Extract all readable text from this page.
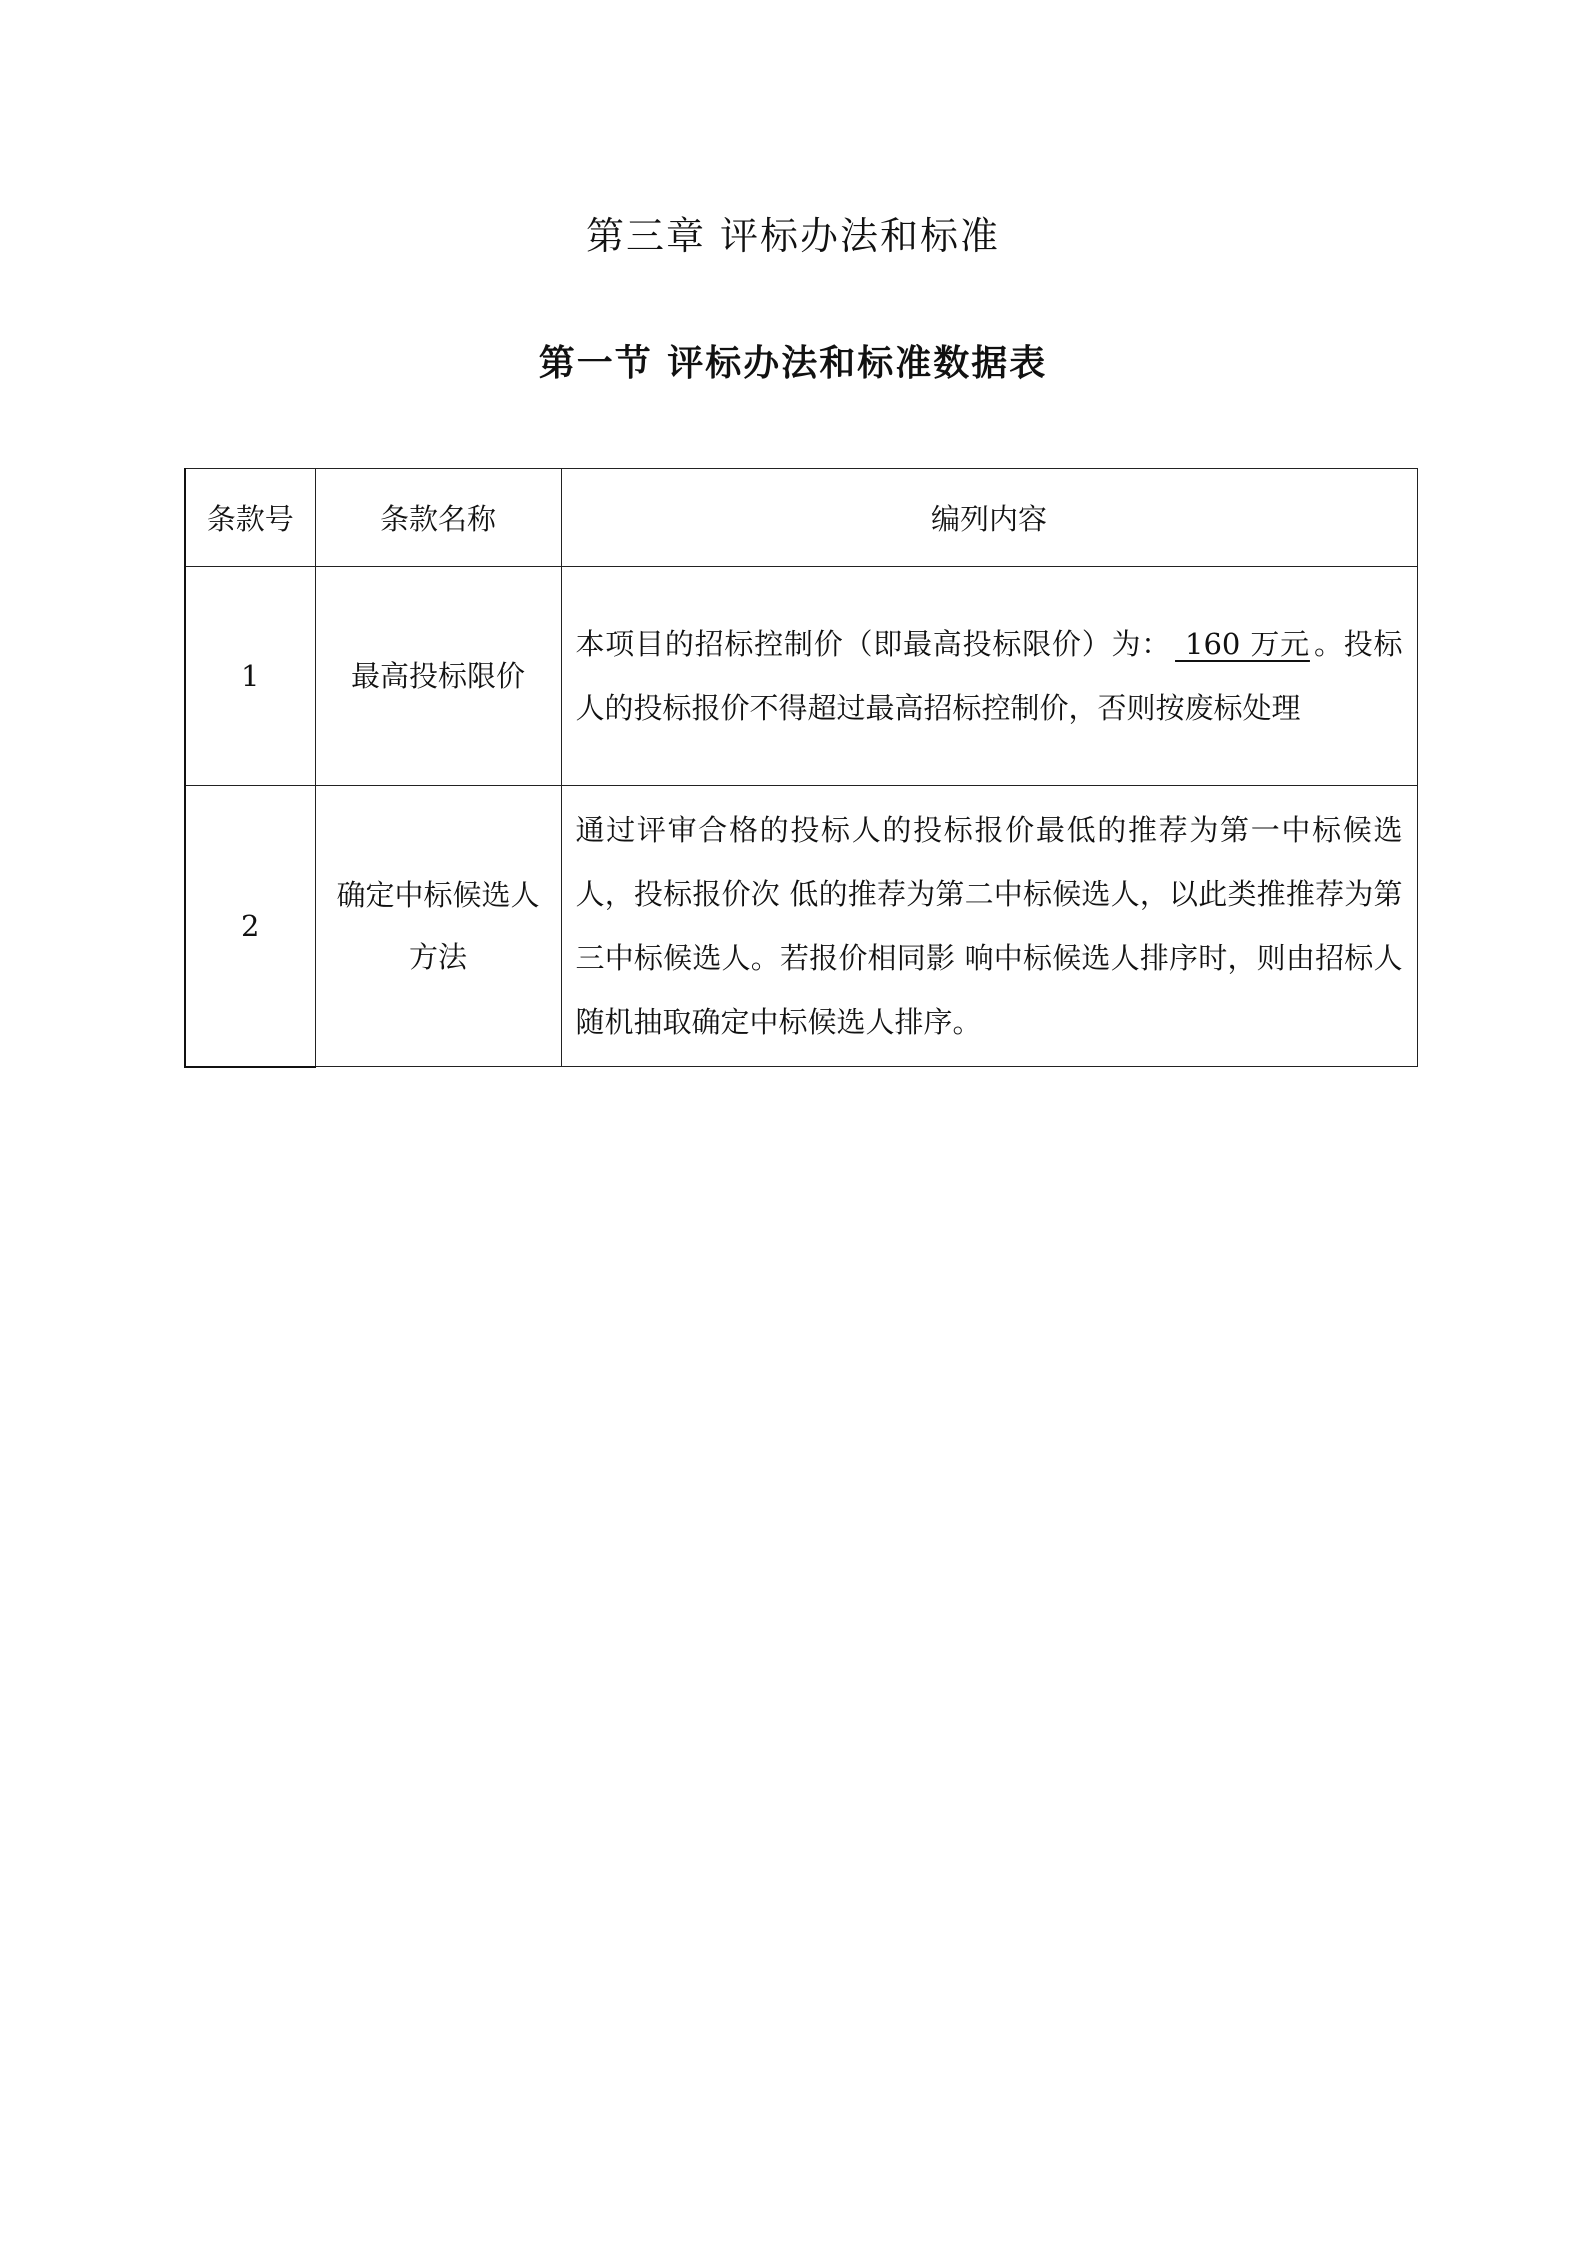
第三章 评标办法和标准
第一节 评标办法和标准数据表
条款号	条款名称	编列内容
1	最高投标限价	本项目的招标控制价（即最高投标限价）为： 160 万元 。投标人的投标报价不得超过最高招标控制价，否则按废标处理
2	确定中标候选人方法	通过评审合格的投标人的投标报价最低的推荐为第一中标候选人，投标报价次 低的推荐为第二中标候选人，以此类推推荐为第三中标候选人。若报价相同影 响中标候选人排序时，则由招标人随机抽取确定中标候选人排序。
